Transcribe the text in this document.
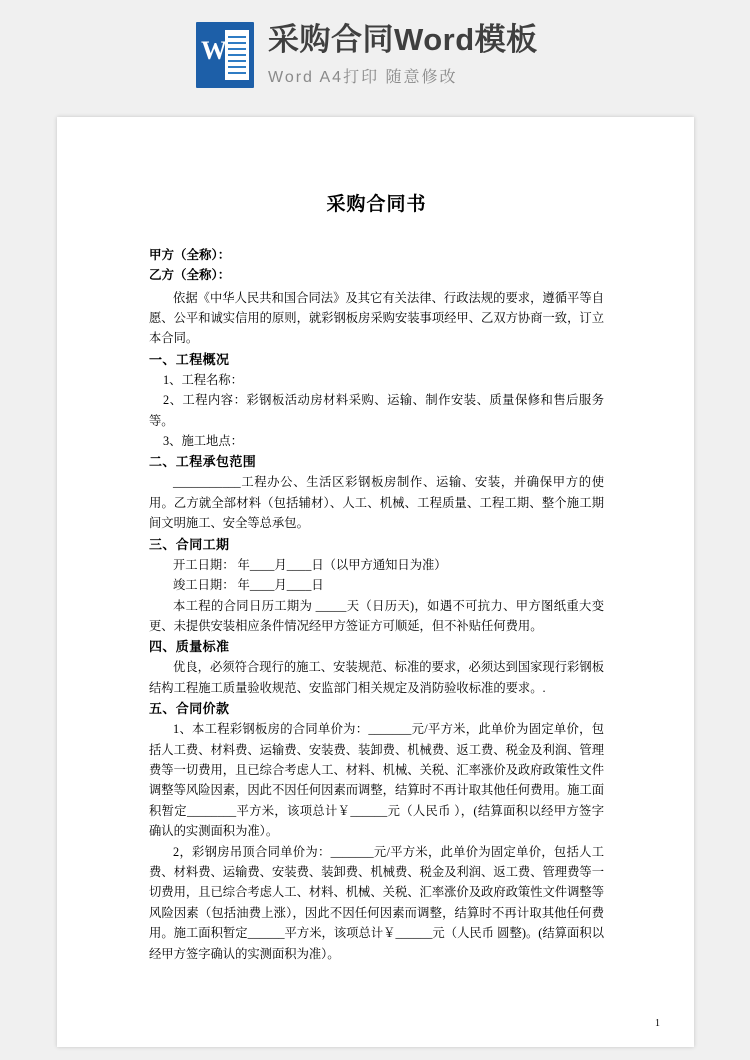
W 采购合同Word模板
Word A4打印 随意修改
采购合同书
甲方（全称）：
乙方（全称）：

依据《中华人民共和国合同法》及其它有关法律、行政法规的要求，遵循平等自愿、公平和诚实信用的原则，就彩钢板房采购安装事项经甲、乙双方协商一致，订立本合同。

一、工程概况

1、工程名称：

2、工程内容：彩钢板活动房材料采购、运输、制作安装、质量保修和售后服务等。

3、施工地点：

二、工程承包范围

___________工程办公、生活区彩钢板房制作、运输、安装，并确保甲方的使用。乙方就全部材料（包括辅材）、人工、机械、工程质量、工程工期、整个施工期间文明施工、安全等总承包。

三、合同工期
开工日期： 年____月____日（以甲方通知日为准）
竣工日期： 年____月____日

本工程的合同日历工期为 _____天（日历天)，如遇不可抗力、甲方图纸重大变更、未提供安装相应条件情况经甲方签证方可顺延，但不补贴任何费用。

四、质量标准

优良，必须符合现行的施工、安装规范、标准的要求，必须达到国家现行彩钢板结构工程施工质量验收规范、安监部门相关规定及消防验收标准的要求。.

五、合同价款

1、本工程彩钢板房的合同单价为：_______元/平方米，此单价为固定单价，包括人工费、材料费、运输费、安装费、装卸费、机械费、返工费、税金及利润、管理费等一切费用，且已综合考虑人工、材料、机械、关税、汇率涨价及政府政策性文件调整等风险因素，因此不因任何因素而调整，结算时不再计取其他任何费用。施工面积暂定________平方米，该项总计￥______元（人民币 ），(结算面积以经甲方签字确认的实测面积为准）。

2，彩钢房吊顶合同单价为：_______元/平方米，此单价为固定单价，包括人工费、材料费、运输费、安装费、装卸费、机械费、税金及利润、返工费、管理费等一切费用，且已综合考虑人工、材料、机械、关税、汇率涨价及政府政策性文件调整等风险因素（包括油费上涨），因此不因任何因素而调整，结算时不再计取其他任何费用。施工面积暂定______平方米，该项总计￥______元（人民币 圆整)。(结算面积以经甲方签字确认的实测面积为准）。

1
